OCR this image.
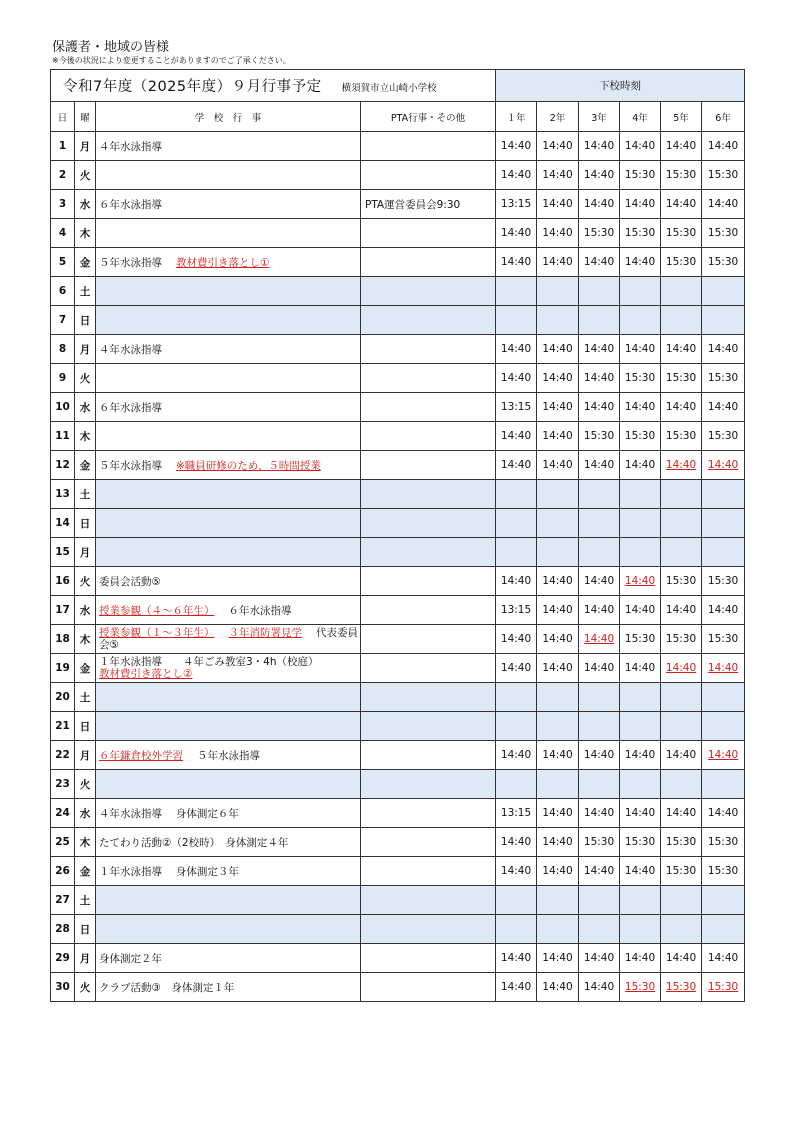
保護者・地域の皆様
※今後の状況により変更することがありますのでご了承ください。
令和7年度（2025年度）９月行事予定 横須賀市立山崎小学校				下校時刻					
日	曜	学　校　行　事	PTA行事・その他	１年	2年	3年	4年	5年	6年
1	月	４年水泳指導		14:40	14:40	14:40	14:40	14:40	14:40
2	火			14:40	14:40	14:40	15:30	15:30	15:30
3	水	６年水泳指導	PTA運営委員会9:30	13:15	14:40	14:40	14:40	14:40	14:40
4	木			14:40	14:40	15:30	15:30	15:30	15:30
5	金	５年水泳指導 教材費引き落とし①		14:40	14:40	14:40	14:40	15:30	15:30
6	土								
7	日								
8	月	４年水泳指導		14:40	14:40	14:40	14:40	14:40	14:40
9	火			14:40	14:40	14:40	15:30	15:30	15:30
10	水	６年水泳指導		13:15	14:40	14:40	14:40	14:40	14:40
11	木			14:40	14:40	15:30	15:30	15:30	15:30
12	金	５年水泳指導 ※職員研修のため、５時間授業		14:40	14:40	14:40	14:40	14:40	14:40
13	土								
14	日								
15	月								
16	火	委員会活動⑤		14:40	14:40	14:40	14:40	15:30	15:30
17	水	授業参観（４～６年生） ６年水泳指導		13:15	14:40	14:40	14:40	14:40	14:40
18	木	授業参観（１～３年生） ３年消防署見学 代表委員会⑤		14:40	14:40	14:40	15:30	15:30	15:30
19	金	１年水泳指導　　４年ごみ教室3・4h（校庭）
教材費引き落とし②		14:40	14:40	14:40	14:40	14:40	14:40
20	土								
21	日								
22	月	６年鎌倉校外学習 ５年水泳指導		14:40	14:40	14:40	14:40	14:40	14:40
23	火								
24	水	４年水泳指導　 身体測定６年		13:15	14:40	14:40	14:40	14:40	14:40
25	木	たてわり活動②（2校時）　身体測定４年		14:40	14:40	15:30	15:30	15:30	15:30
26	金	１年水泳指導　 身体測定３年		14:40	14:40	14:40	14:40	15:30	15:30
27	土								
28	日								
29	月	身体測定２年		14:40	14:40	14:40	14:40	14:40	14:40
30	火	クラブ活動③　身体測定１年		14:40	14:40	14:40	15:30	15:30	15:30
